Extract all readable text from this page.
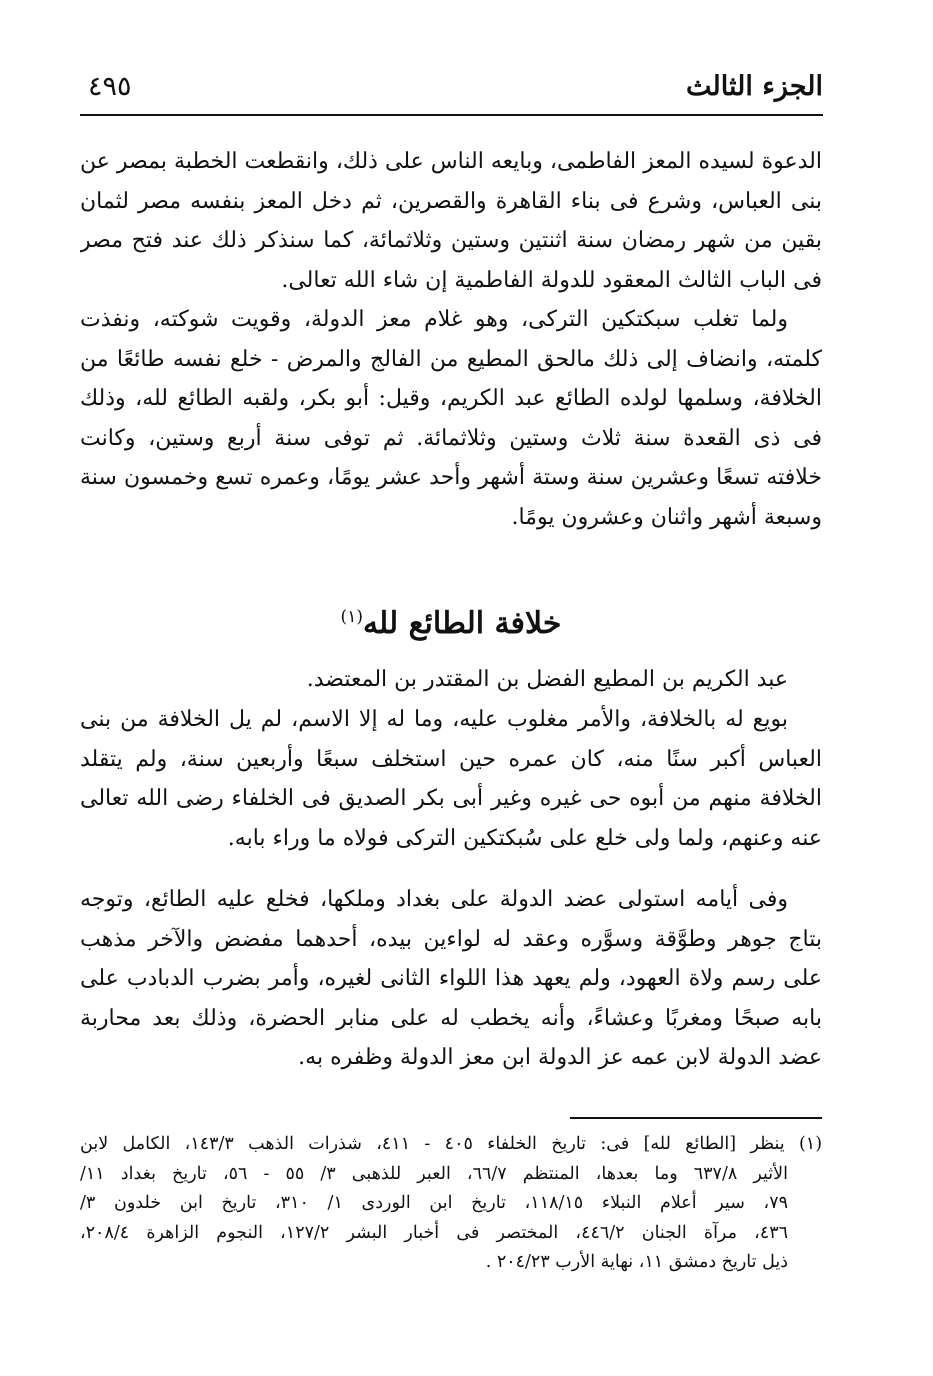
٤٩٥	الجزء الثالث
الدعوة لسيده المعز الفاطمى، وبايعه الناس على ذلك، وانقطعت الخطبة بمصر عن
بنى العباس، وشرع فى بناء القاهرة والقصرين، ثم دخل المعز بنفسه مصر لثمان
بقين من شهر رمضان سنة اثنتين وستين وثلاثمائة، كما سنذكر ذلك عند فتح مصر
فى الباب الثالث المعقود للدولة الفاطمية إن شاء الله تعالى.
ولما تغلب سبكتكين التركى، وهو غلام معز الدولة، وقويت شوكته، ونفذت
كلمته، وانضاف إلى ذلك مالحق المطيع من الفالج والمرض - خلع نفسه طائعًا من
الخلافة، وسلمها لولده الطائع عبد الكريم، وقيل: أبو بكر، ولقبه الطائع لله، وذلك
فى ذى القعدة سنة ثلاث وستين وثلاثمائة. ثم توفى سنة أربع وستين، وكانت
خلافته تسعًا وعشرين سنة وستة أشهر وأحد عشر يومًا، وعمره تسع وخمسون سنة
وسبعة أشهر واثنان وعشرون يومًا.
خلافة الطائع لله$^{(١)}$
عبد الكريم بن المطيع الفضل بن المقتدر بن المعتضد.
بويع له بالخلافة، والأمر مغلوب عليه، وما له إلا الاسم، لم يل الخلافة من بنى
العباس أكبر سنًا منه، كان عمره حين استخلف سبعًا وأربعين سنة، ولم يتقلد
الخلافة منهم من أبوه حى غيره وغير أبى بكر الصديق فى الخلفاء رضى الله تعالى
عنه وعنهم، ولما ولى خلع على سُبكتكين التركى فولاه ما وراء بابه.
وفى أيامه استولى عضد الدولة على بغداد وملكها، فخلع عليه الطائع، وتوجه
بتاج جوهر وطوَّقة وسوَّره وعقد له لواءين بيده، أحدهما مفضض والآخر مذهب
على رسم ولاة العهود، ولم يعهد هذا اللواء الثانى لغيره، وأمر بضرب الدبادب على
بابه صبحًا ومغربًا وعشاءً، وأنه يخطب له على منابر الحضرة، وذلك بعد محاربة
عضد الدولة لابن عمه عز الدولة ابن معز الدولة وظفره به.
(١) ينظر [الطائع لله] فى: تاريخ الخلفاء ٤٠٥ - ٤١١، شذرات الذهب ١٤٣/٣، الكامل لابن
الأثير ٦٣٧/٨ وما بعدها، المنتظم ٦٦/٧، العبر للذهبى ٣/ ٥٥ - ٥٦، تاريخ بغداد ١١/
٧٩، سير أعلام النبلاء ١١٨/١٥، تاريخ ابن الوردى ١/ ٣١٠، تاريخ ابن خلدون ٣/
٤٣٦، مرآة الجنان ٤٤٦/٢، المختصر فى أخبار البشر ١٢٧/٢، النجوم الزاهرة ٢٠٨/٤،
ذيل تاريخ دمشق ١١، نهاية الأرب ٢٠٤/٢٣ .
